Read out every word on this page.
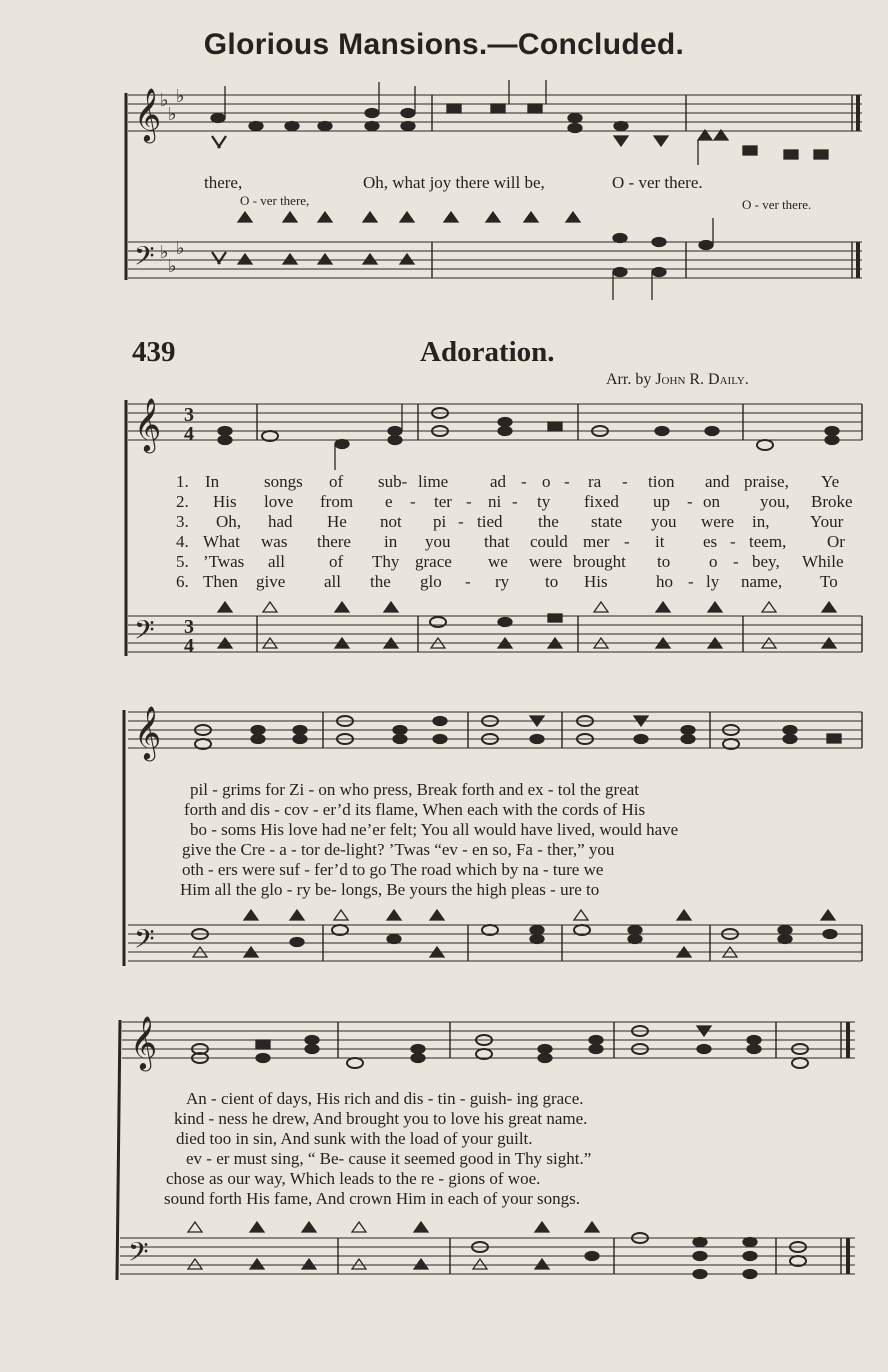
Glorious Mansions.—Concluded.
439	Adoration.
Arr. by John R. Daily.
𝄞
𝄢
♭
♭
♭
♭
♭
♭
there,	Oh, what joy there will be,	O - ver there.
O - ver there,	O - ver there.
𝄞
𝄢
3
4
3
4
1. In	songs of sub- lime ad - o - ra - tion and praise, Ye
2. His love from e - ter - ni - ty fixed up - on you, Broke
3. Oh, had He not pi - tied the state you were in, Your
4. What was there in you that could mer - it es - teem, Or
5. ’Twas all	of Thy grace we were brought to o - bey, While
6. Then give all the glo - ry to His	ho - ly name, To
𝄞
𝄢
pil - grims for Zi - on who press, Break forth and ex - tol the great
forth and dis - cov - er’d its flame, When each with the cords of His
bo - soms His love had ne’er felt; You all would have lived, would have
give the Cre - a - tor de-light? ’Twas “ev - en so, Fa - ther,” you
oth - ers were suf - fer’d to go The road which by na - ture we
Him all the glo - ry be- longs, Be yours the high pleas - ure to
𝄞
𝄢
An - cient of days, His rich and dis - tin - guish- ing grace.
kind - ness he drew, And brought you to love his great name.
died too in sin, And sunk with the load of your guilt.
ev - er must sing, “ Be- cause it seemed good in Thy sight.”
chose as our way, Which leads to the re - gions of woe.
sound forth His fame, And crown Him in each of your songs.
